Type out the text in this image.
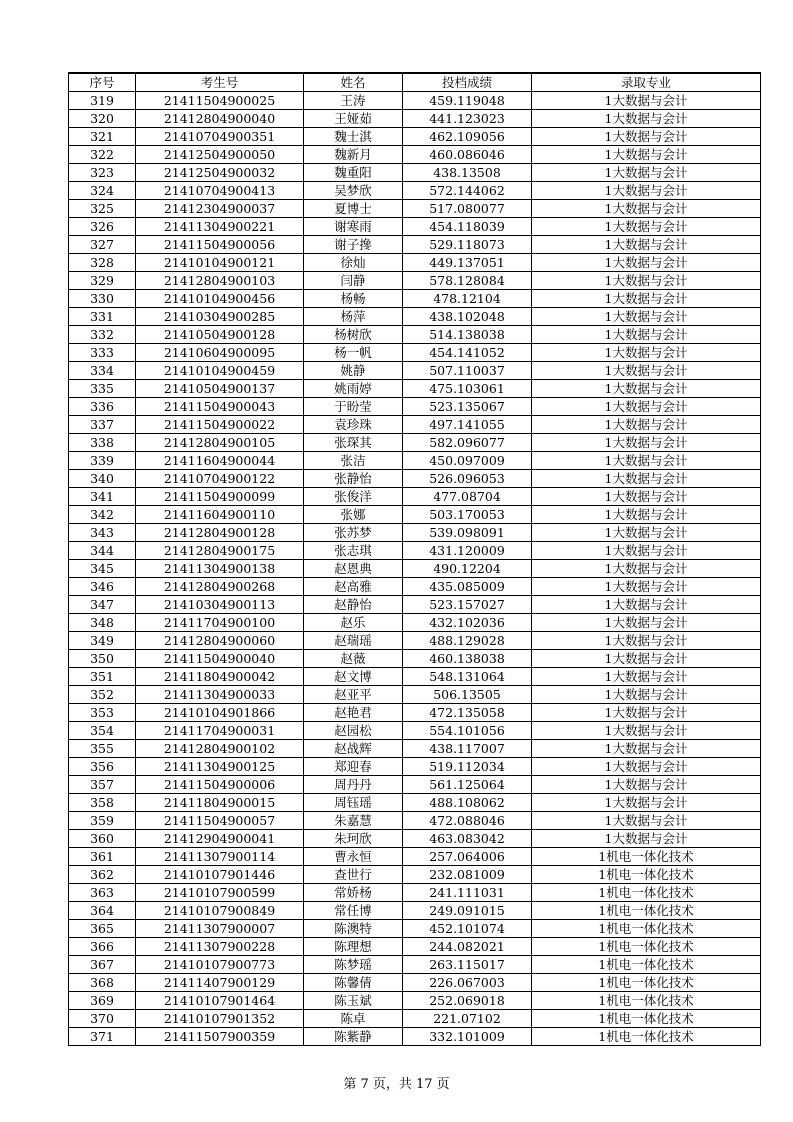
序号	考生号	姓名	投档成绩	录取专业
319	21411504900025	王涛	459.119048	1大数据与会计
320	21412804900040	王娅茹	441.123023	1大数据与会计
321	21410704900351	魏士淇	462.109056	1大数据与会计
322	21412504900050	魏新月	460.086046	1大数据与会计
323	21412504900032	魏重阳	438.13508	1大数据与会计
324	21410704900413	吴梦欣	572.144062	1大数据与会计
325	21412304900037	夏博士	517.080077	1大数据与会计
326	21411304900221	谢寒雨	454.118039	1大数据与会计
327	21411504900056	谢子搀	529.118073	1大数据与会计
328	21410104900121	徐灿	449.137051	1大数据与会计
329	21412804900103	闫静	578.128084	1大数据与会计
330	21410104900456	杨畅	478.12104	1大数据与会计
331	21410304900285	杨萍	438.102048	1大数据与会计
332	21410504900128	杨树欣	514.138038	1大数据与会计
333	21410604900095	杨一帆	454.141052	1大数据与会计
334	21410104900459	姚静	507.110037	1大数据与会计
335	21410504900137	姚雨婷	475.103061	1大数据与会计
336	21411504900043	于盼莹	523.135067	1大数据与会计
337	21411504900022	袁珍珠	497.141055	1大数据与会计
338	21412804900105	张琛其	582.096077	1大数据与会计
339	21411604900044	张洁	450.097009	1大数据与会计
340	21410704900122	张静怡	526.096053	1大数据与会计
341	21411504900099	张俊洋	477.08704	1大数据与会计
342	21411604900110	张娜	503.170053	1大数据与会计
343	21412804900128	张苏梦	539.098091	1大数据与会计
344	21412804900175	张志琪	431.120009	1大数据与会计
345	21411304900138	赵恩典	490.12204	1大数据与会计
346	21412804900268	赵高雅	435.085009	1大数据与会计
347	21410304900113	赵静怡	523.157027	1大数据与会计
348	21411704900100	赵乐	432.102036	1大数据与会计
349	21412804900060	赵瑞瑶	488.129028	1大数据与会计
350	21411504900040	赵薇	460.138038	1大数据与会计
351	21411804900042	赵文博	548.131064	1大数据与会计
352	21411304900033	赵亚平	506.13505	1大数据与会计
353	21410104901866	赵艳君	472.135058	1大数据与会计
354	21411704900031	赵园松	554.101056	1大数据与会计
355	21412804900102	赵战辉	438.117007	1大数据与会计
356	21411304900125	郑迎春	519.112034	1大数据与会计
357	21411504900006	周丹丹	561.125064	1大数据与会计
358	21411804900015	周钰瑶	488.108062	1大数据与会计
359	21411504900057	朱嘉慧	472.088046	1大数据与会计
360	21412904900041	朱珂欣	463.083042	1大数据与会计
361	21411307900114	曹永恒	257.064006	1机电一体化技术
362	21410107901446	查世行	232.081009	1机电一体化技术
363	21410107900599	常娇杨	241.111031	1机电一体化技术
364	21410107900849	常任博	249.091015	1机电一体化技术
365	21411307900007	陈澳特	452.101074	1机电一体化技术
366	21411307900228	陈理想	244.082021	1机电一体化技术
367	21410107900773	陈梦瑶	263.115017	1机电一体化技术
368	21411407900129	陈馨倩	226.067003	1机电一体化技术
369	21410107901464	陈玉斌	252.069018	1机电一体化技术
370	21410107901352	陈卓	221.07102	1机电一体化技术
371	21411507900359	陈紫静	332.101009	1机电一体化技术
第 7 页，共 17 页
